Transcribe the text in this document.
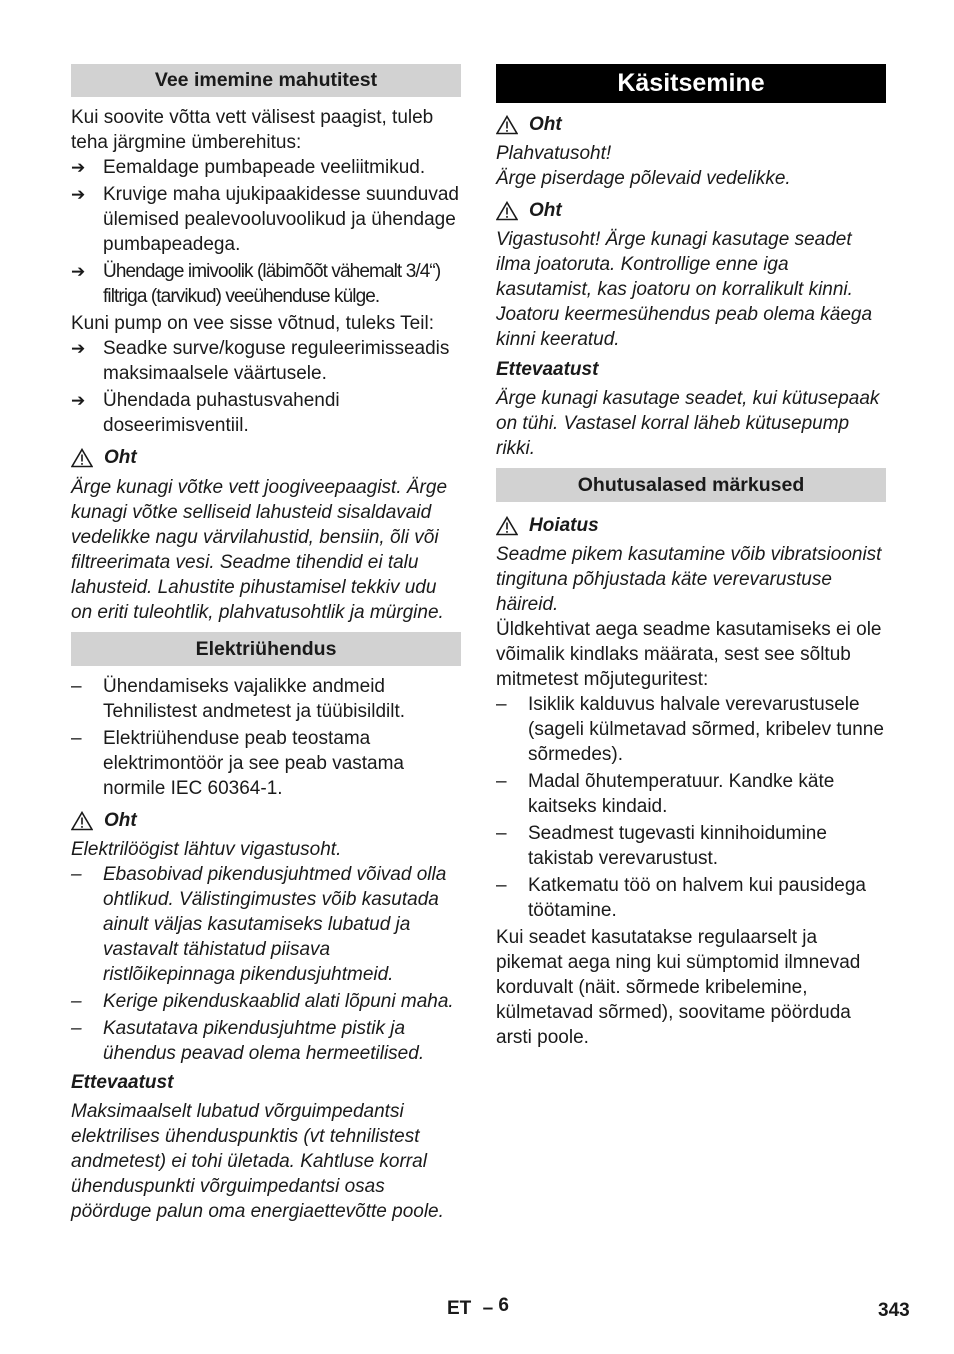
Vee imemine mahutitest

Kui soovite võtta vett välisest paagist, tuleb teha järgmine ümberehitus:

➔ Eemaldage pumbapeade veeliitmikud.
➔ Kruvige maha ujukipaakidesse suunduvad ülemised pealevooluvoolikud ja ühendage pumbapeadega.
➔ Ühendage imivoolik (läbimõõt vähemalt 3/4“) filtriga (tarvikud) veeühenduse külge.

Kuni pump on vee sisse võtnud, tuleks Teil:

➔ Seadke surve/koguse reguleerimisseadis maksimaalsele väärtusele.
➔ Ühendada puhastusvahendi doseerimisventiil.
Oht

Ärge kunagi võtke vett joogiveepaagist. Ärge kunagi võtke selliseid lahusteid sisaldavaid vedelikke nagu värvilahustid, bensiin, õli või filtreerimata vesi. Seadme tihendid ei talu lahusteid. Lahustite pihustamisel tekkiv udu on eriti tuleohtlik, plahvatusohtlik ja mürgine.

Elektriühendus
–	Ühendamiseks vajalikke andmeid Tehnilistest andmetest ja tüübisildilt.
–	Elektriühenduse peab teostama elektrimontöör ja see peab vastama normile IEC 60364-1.
Oht

Elektrilöögist lähtuv vigastusoht.

–	Ebasobivad pikendusjuhtmed võivad olla ohtlikud. Välistingimustes võib kasutada ainult väljas kasutamiseks lubatud ja vastavalt tähistatud piisava ristlõikepinnaga pikendusjuhtmeid.
–	Kerige pikenduskaablid alati lõpuni maha.
–	Kasutatava pikendusjuhtme pistik ja ühendus peavad olema hermeetilised.
Ettevaatust

Maksimaalselt lubatud võrguimpedantsi elektrilises ühenduspunktis (vt tehnilistest andmetest) ei tohi ületada. Kahtluse korral ühenduspunkti võrguimpedantsi osas pöörduge palun oma energiaettevõtte poole.

Käsitsemine
Oht

Plahvatusoht!

Ärge piserdage põlevaid vedelikke.

Oht

Vigastusoht! Ärge kunagi kasutage seadet ilma joatoruta. Kontrollige enne iga kasutamist, kas joatoru on korralikult kinni. Joatoru keermesühendus peab olema käega kinni keeratud.

Ettevaatust

Ärge kunagi kasutage seadet, kui kütusepaak on tühi. Vastasel korral läheb kütusepump rikki.

Ohutusalased märkused
Hoiatus

Seadme pikem kasutamine võib vibratsioonist tingituna põhjustada käte verevarustuse häireid.

Üldkehtivat aega seadme kasutamiseks ei ole võimalik kindlaks määrata, sest see sõltub mitmetest mõjuteguritest:

–	Isiklik kalduvus halvale verevarustusele (sageli külmetavad sõrmed, kribelev tunne sõrmedes).
–	Madal õhutemperatuur. Kandke käte kaitseks kindaid.
–	Seadmest tugevasti kinnihoidumine takistab verevarustust.
–	Katkematu töö on halvem kui pausidega töötamine.

Kui seadet kasutatakse regulaarselt ja pikemat aega ning kui sümptomid ilmnevad korduvalt (näit. sõrmede kribelemine, külmetavad sõrmed), soovitame pöörduda arsti poole.

ET – 6	343
